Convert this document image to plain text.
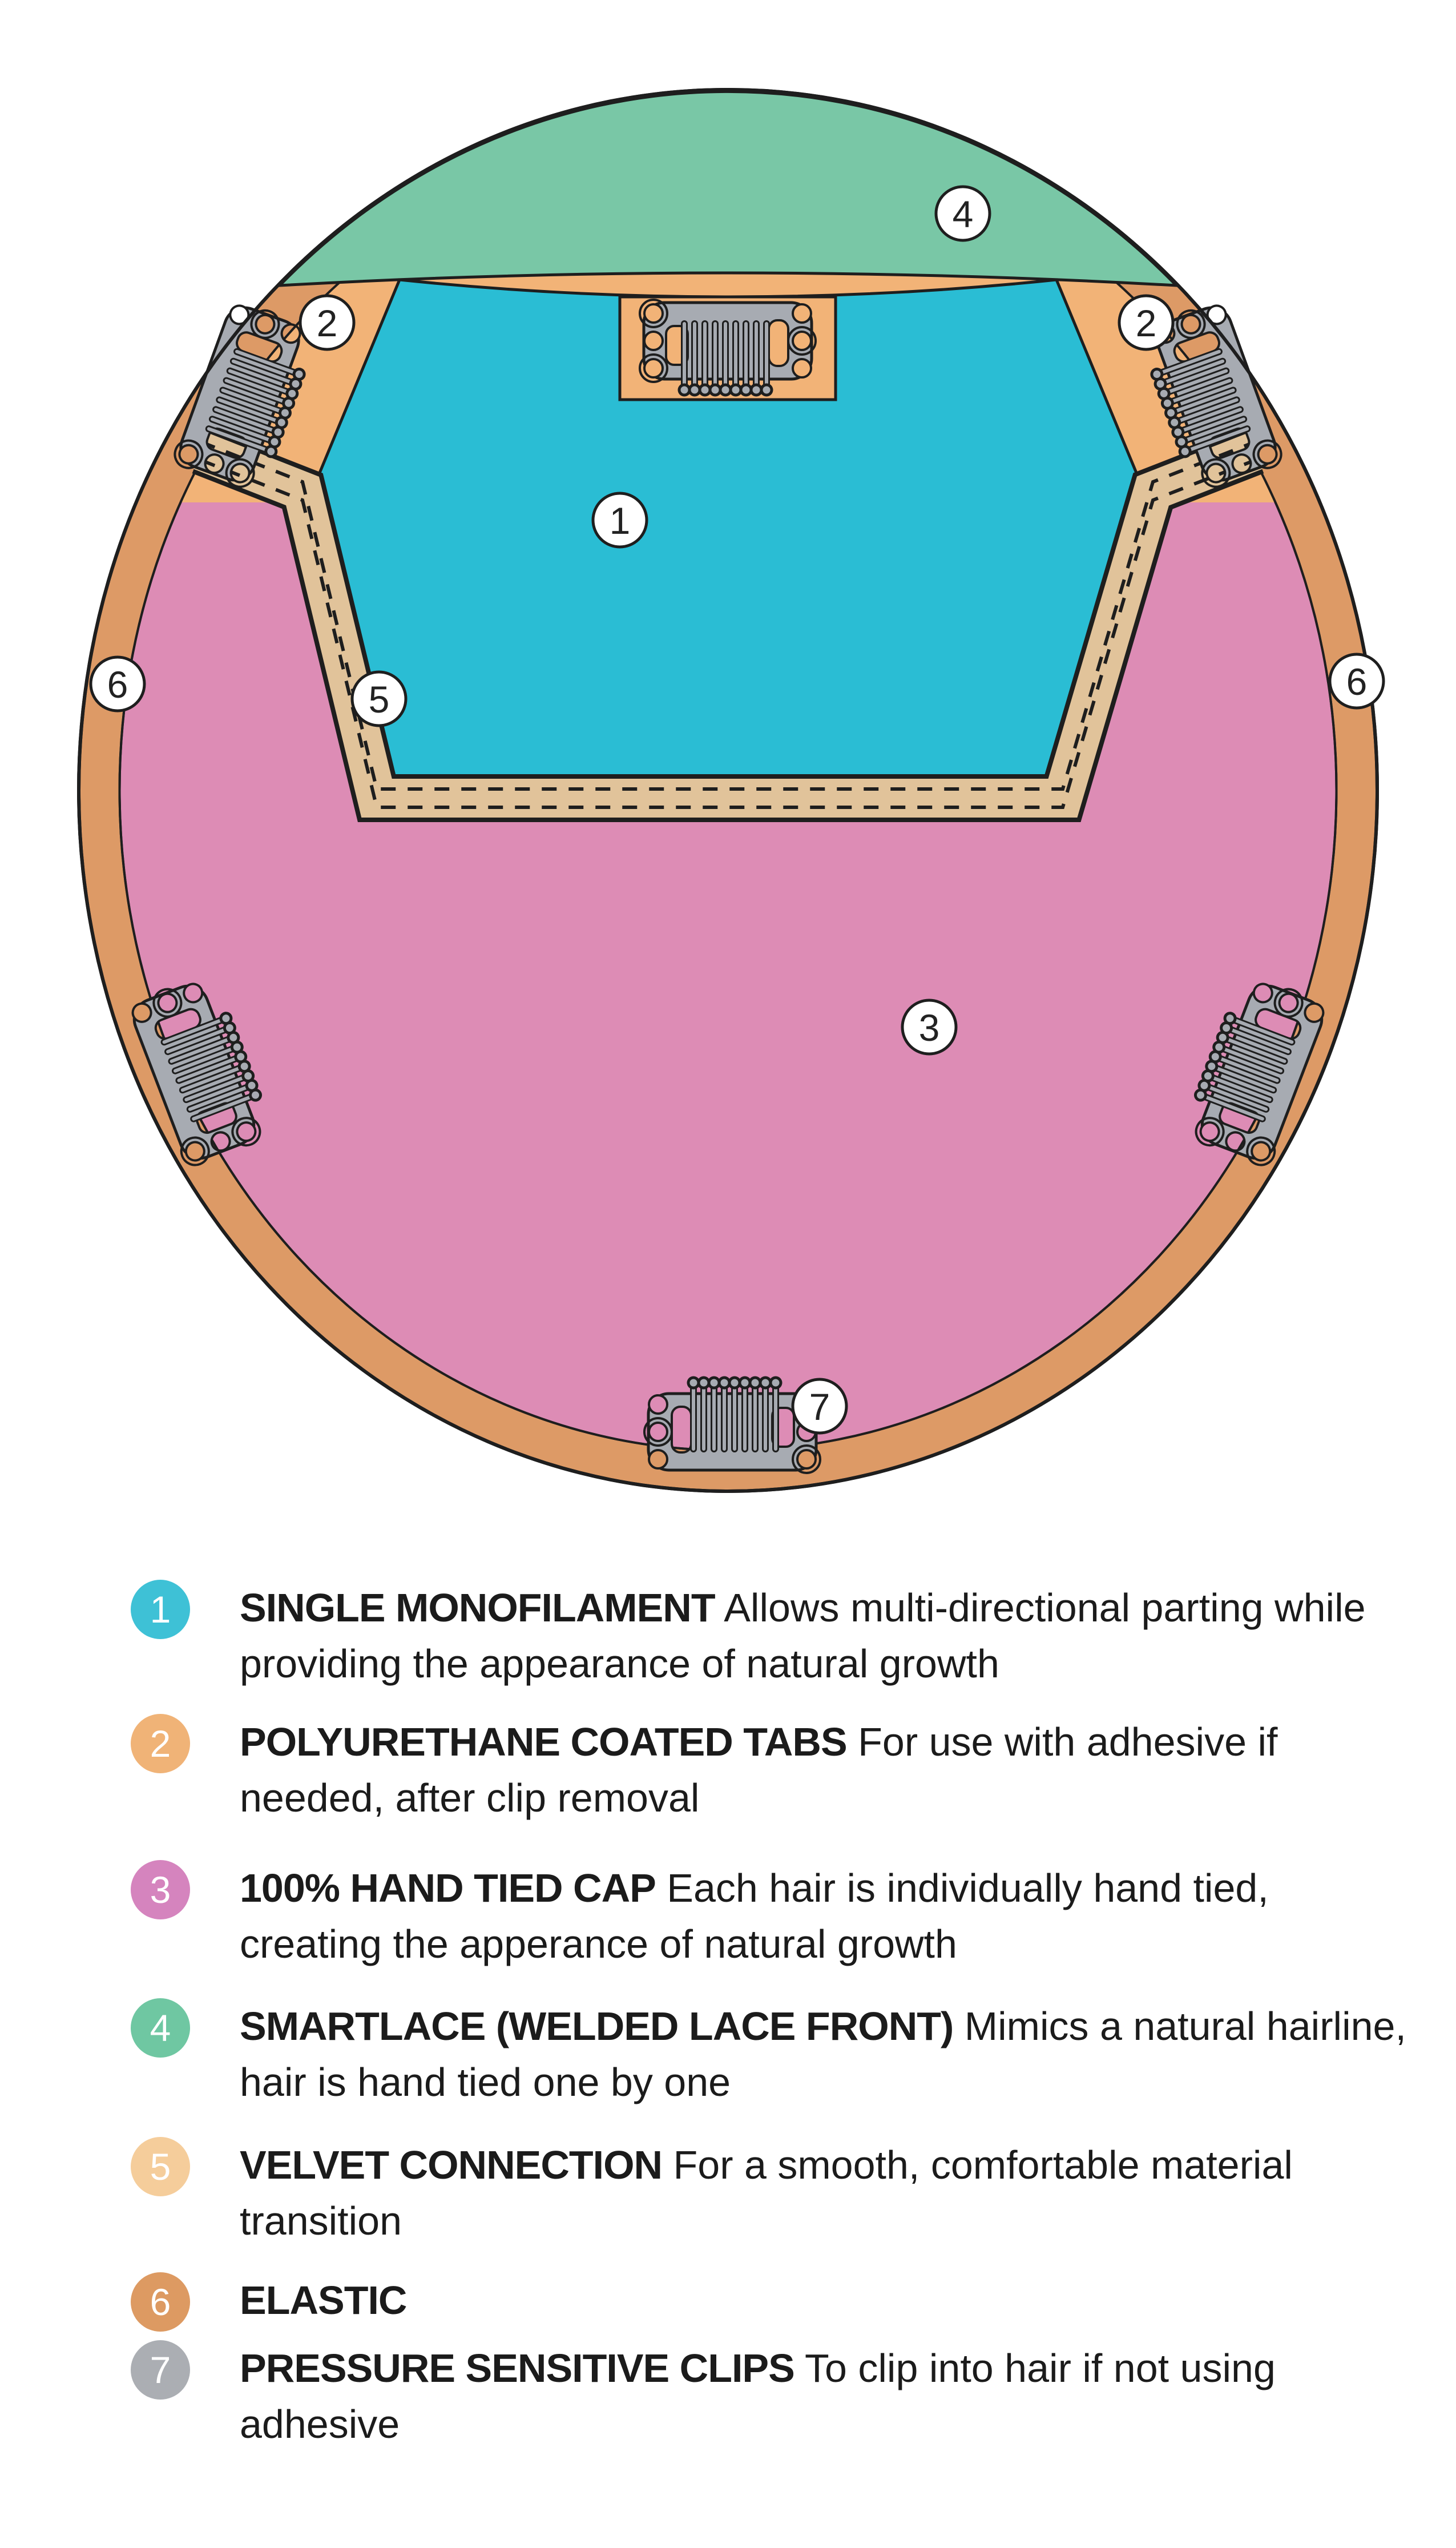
1
2	2
3
4
5
6	6
7
1 SINGLE MONOFILAMENT Allows multi-directional parting while providing the appearance of natural growth
2 POLYURETHANE COATED TABS For use with adhesive if needed, after clip removal
3 100% HAND TIED CAP Each hair is individually hand tied, creating the apperance of natural growth
4 SMARTLACE (WELDED LACE FRONT) Mimics a natural hairline, hair is hand tied one by one
5 VELVET CONNECTION For a smooth, comfortable material transition
6 ELASTIC
7 PRESSURE SENSITIVE CLIPS To clip into hair if not using adhesive
